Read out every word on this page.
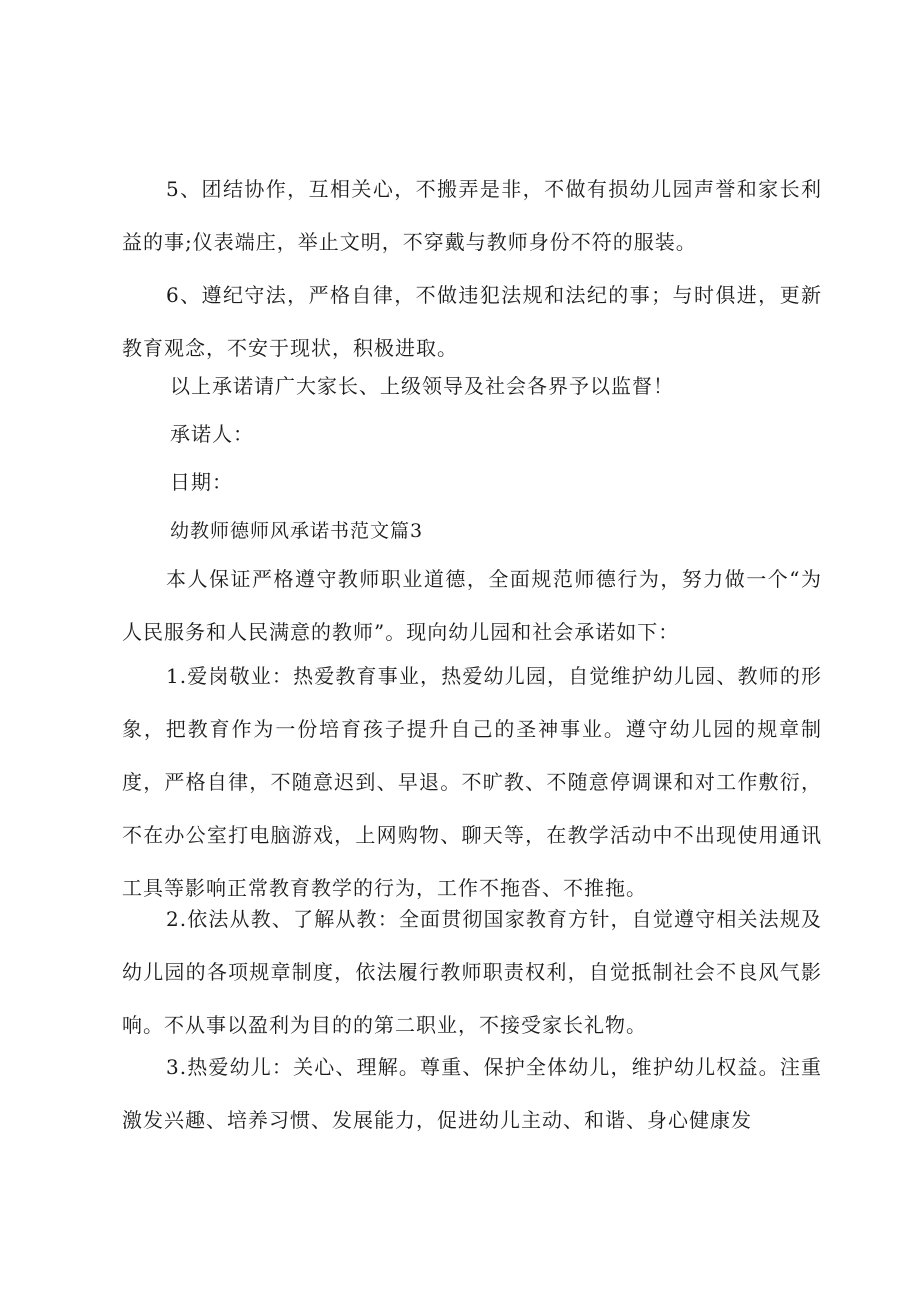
5、团结协作，互相关心，不搬弄是非，不做有损幼儿园声誉和家长利益的事;仪表端庄，举止文明，不穿戴与教师身份不符的服装。

6、遵纪守法，严格自律，不做违犯法规和法纪的事；与时俱进，更新教育观念，不安于现状，积极进取。

以上承诺请广大家长、上级领导及社会各界予以监督！

承诺人：

日期：

幼教师德师风承诺书范文篇3

本人保证严格遵守教师职业道德，全面规范师德行为，努力做一个“为人民服务和人民满意的教师”。现向幼儿园和社会承诺如下：

1.爱岗敬业：热爱教育事业，热爱幼儿园，自觉维护幼儿园、教师的形象，把教育作为一份培育孩子提升自己的圣神事业。遵守幼儿园的规章制度，严格自律，不随意迟到、早退。不旷教、不随意停调课和对工作敷衍，不在办公室打电脑游戏，上网购物、聊天等，在教学活动中不出现使用通讯工具等影响正常教育教学的行为，工作不拖沓、不推拖。

2.依法从教、了解从教：全面贯彻国家教育方针，自觉遵守相关法规及幼儿园的各项规章制度，依法履行教师职责权利，自觉抵制社会不良风气影响。不从事以盈利为目的的第二职业，不接受家长礼物。

3.热爱幼儿：关心、理解。尊重、保护全体幼儿，维护幼儿权益。注重激发兴趣、培养习惯、发展能力，促进幼儿主动、和谐、身心健康发
